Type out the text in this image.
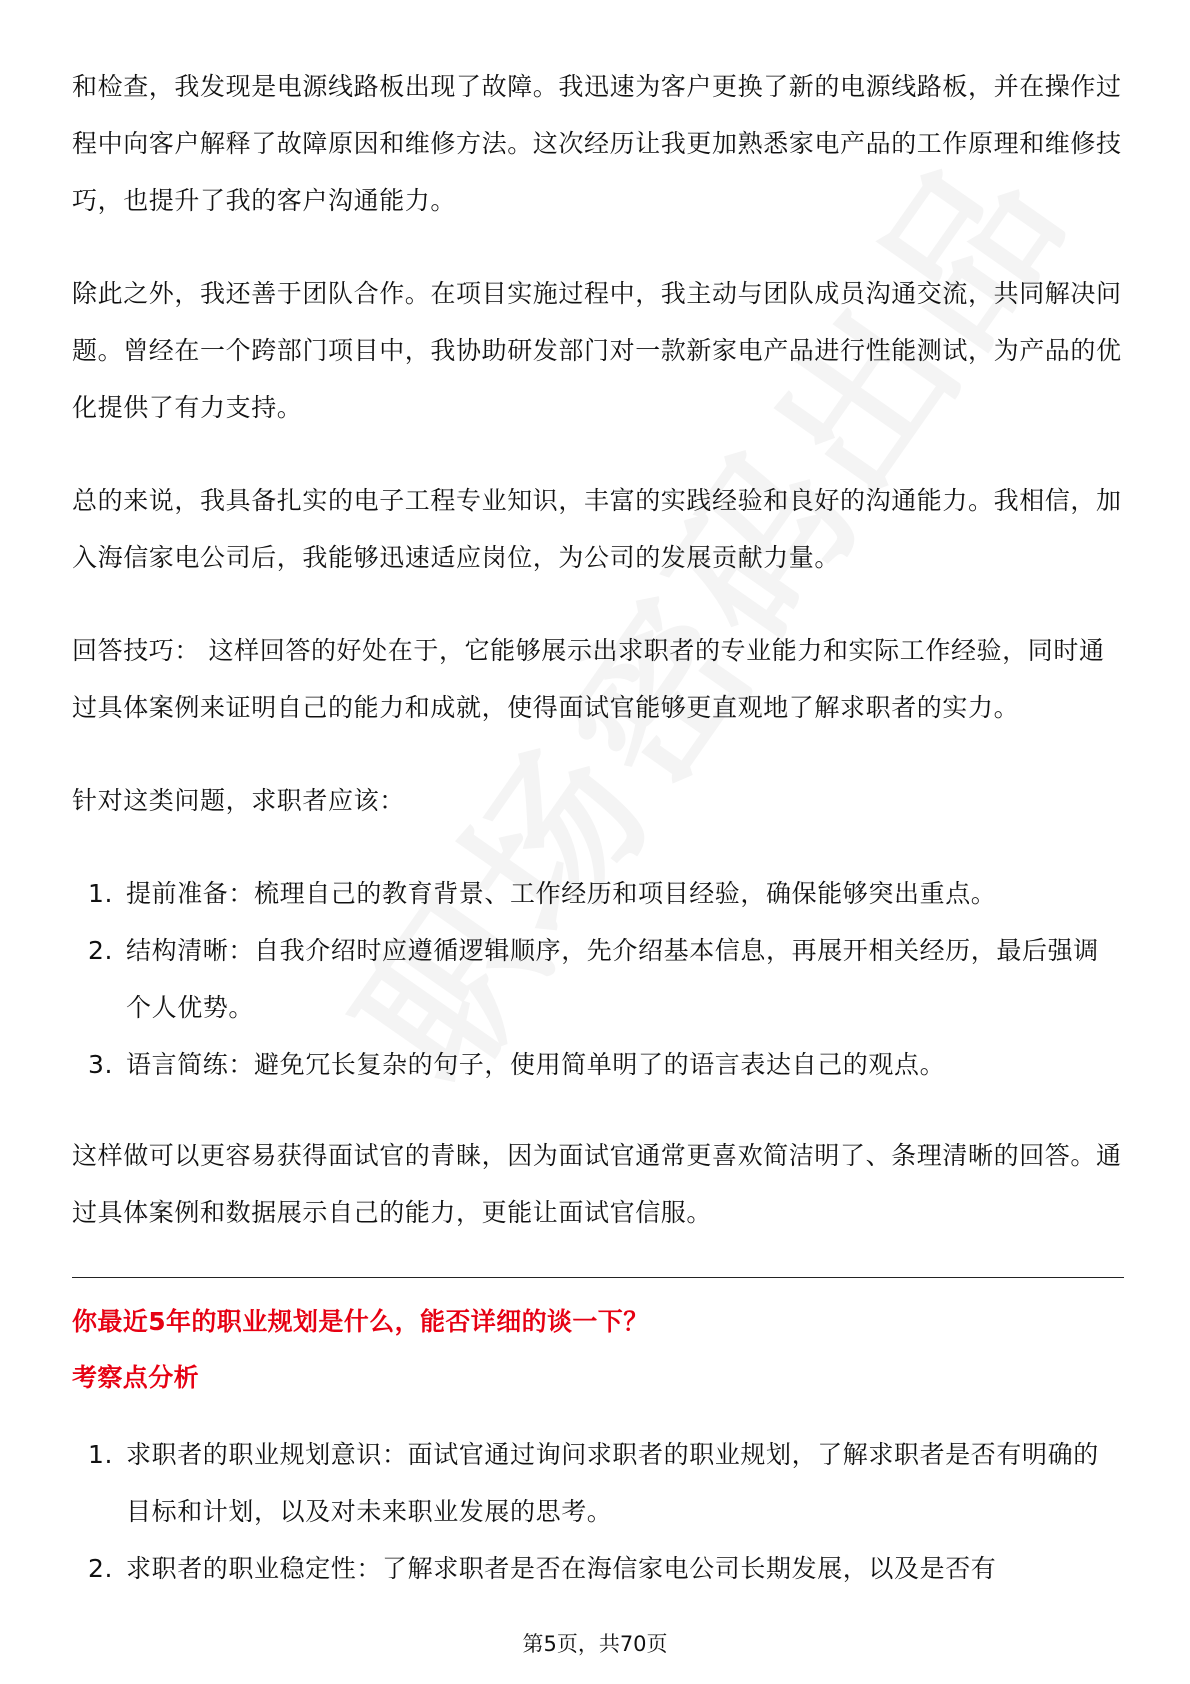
和检查，我发现是电源线路板出现了故障。我迅速为客户更换了新的电源线路板，并在操作过程中向客户解释了故障原因和维修方法。这次经历让我更加熟悉家电产品的工作原理和维修技巧，也提升了我的客户沟通能力。

除此之外，我还善于团队合作。在项目实施过程中，我主动与团队成员沟通交流，共同解决问题。曾经在一个跨部门项目中，我协助研发部门对一款新家电产品进行性能测试，为产品的优化提供了有力支持。

总的来说，我具备扎实的电子工程专业知识，丰富的实践经验和良好的沟通能力。我相信，加入海信家电公司后，我能够迅速适应岗位，为公司的发展贡献力量。

回答技巧： 这样回答的好处在于，它能够展示出求职者的专业能力和实际工作经验，同时通过具体案例来证明自己的能力和成就，使得面试官能够更直观地了解求职者的实力。

针对这类问题，求职者应该：

1. 提前准备：梳理自己的教育背景、工作经历和项目经验，确保能够突出重点。
2. 结构清晰：自我介绍时应遵循逻辑顺序，先介绍基本信息，再展开相关经历，最后强调个人优势。
3. 语言简练：避免冗长复杂的句子，使用简单明了的语言表达自己的观点。

这样做可以更容易获得面试官的青睐，因为面试官通常更喜欢简洁明了、条理清晰的回答。通过具体案例和数据展示自己的能力，更能让面试官信服。

你最近5年的职业规划是什么，能否详细的谈一下？
考察点分析
1. 求职者的职业规划意识：面试官通过询问求职者的职业规划，了解求职者是否有明确的目标和计划，以及对未来职业发展的思考。
2. 求职者的职业稳定性：了解求职者是否在海信家电公司长期发展，以及是否有
第5页，共70页
